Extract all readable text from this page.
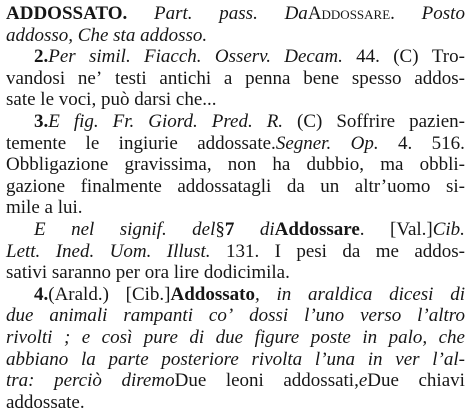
ADDOSSATO. Part. pass. DaAddossare. Posto
addosso, Che sta addosso.
2.Per simil. Fiacch. Osserv. Decam. 44. (C) Tro-
vandosi ne’ testi antichi a penna bene spesso addos-
sate le voci, può darsi che...
3.E fig. Fr. Giord. Pred. R. (C) Soffrire pazien-
temente le ingiurie addossate.Segner. Op. 4. 516.
Obbligazione gravissima, non ha dubbio, ma obbli-
gazione finalmente addossatagli da un altr’uomo si-
mile a lui.
E nel signif. del§7 diAddossare. [Val.]Cib.
Lett. Ined. Uom. Illust. 131. I pesi da me addos-
sativi saranno per ora lire dodicimila.
4.(Arald.) [Cib.]Addossato, in araldica dicesi di
due animali rampanti co’ dossi l’uno verso l’altro
rivolti ; e così pure di due figure poste in palo, che
abbiano la parte posteriore rivolta l’una in ver l’al-
tra: perciò diremoDue leoni addossati,eDue chiavi
addossate.
